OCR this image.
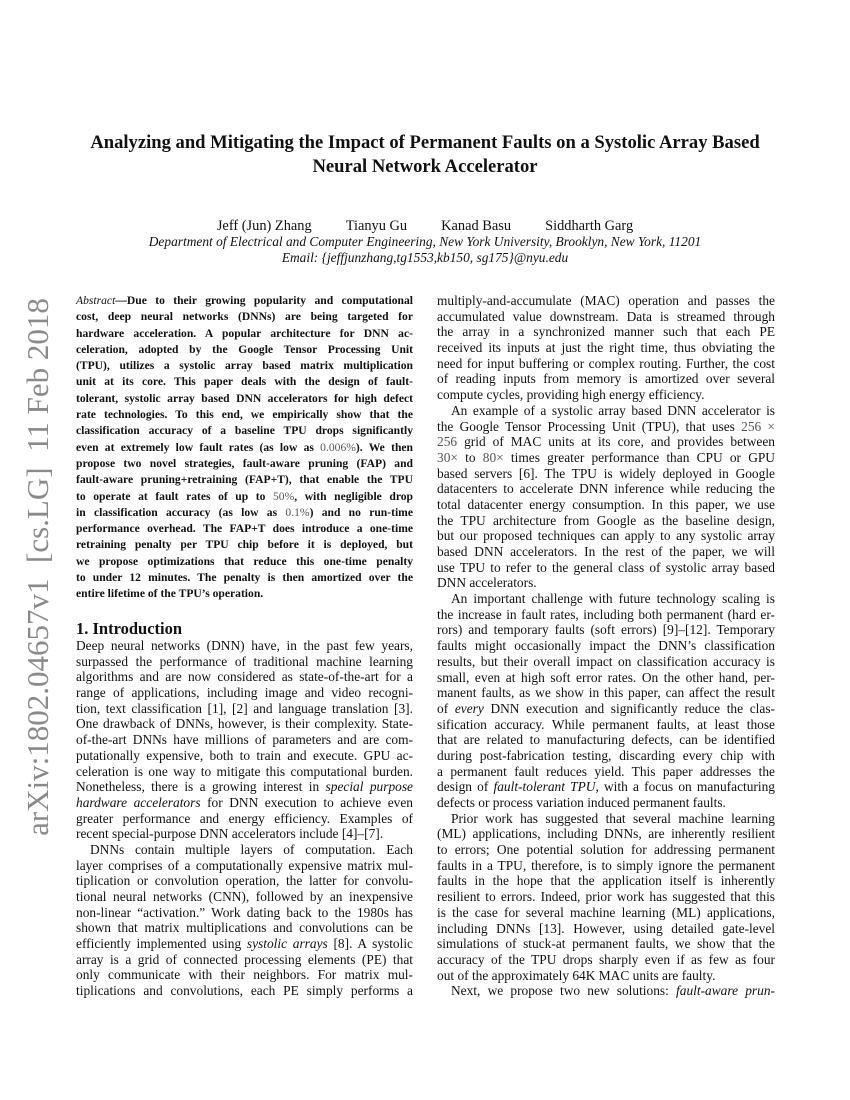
arXiv:1802.04657v1  [cs.LG]  11 Feb 2018
Analyzing and Mitigating the Impact of Permanent Faults on a Systolic Array Based
Neural Network Accelerator
Jeff (Jun) Zhang Tianyu Gu Kanad Basu Siddharth Garg
Department of Electrical and Computer Engineering, New York University, Brooklyn, New York, 11201
Email: {jeffjunzhang,tg1553,kb150, sg175}@nyu.edu
Abstract—Due to their growing popularity and computational
cost, deep neural networks (DNNs) are being targeted for
hardware acceleration. A popular architecture for DNN ac-
celeration, adopted by the Google Tensor Processing Unit
(TPU), utilizes a systolic array based matrix multiplication
unit at its core. This paper deals with the design of fault-
tolerant, systolic array based DNN accelerators for high defect
rate technologies. To this end, we empirically show that the
classification accuracy of a baseline TPU drops significantly
even at extremely low fault rates (as low as 0.006%). We then
propose two novel strategies, fault-aware pruning (FAP) and
fault-aware pruning+retraining (FAP+T), that enable the TPU
to operate at fault rates of up to 50%, with negligible drop
in classification accuracy (as low as 0.1%) and no run-time
performance overhead. The FAP+T does introduce a one-time
retraining penalty per TPU chip before it is deployed, but
we propose optimizations that reduce this one-time penalty
to under 12 minutes. The penalty is then amortized over the
entire lifetime of the TPU’s operation.
1. Introduction
Deep neural networks (DNN) have, in the past few years,
surpassed the performance of traditional machine learning
algorithms and are now considered as state-of-the-art for a
range of applications, including image and video recogni-
tion, text classification [1], [2] and language translation [3].
One drawback of DNNs, however, is their complexity. State-
of-the-art DNNs have millions of parameters and are com-
putationally expensive, both to train and execute. GPU ac-
celeration is one way to mitigate this computational burden.
Nonetheless, there is a growing interest in special purpose
hardware accelerators for DNN execution to achieve even
greater performance and energy efficiency. Examples of
recent special-purpose DNN accelerators include [4]–[7].
DNNs contain multiple layers of computation. Each
layer comprises of a computationally expensive matrix mul-
tiplication or convolution operation, the latter for convolu-
tional neural networks (CNN), followed by an inexpensive
non-linear “activation.” Work dating back to the 1980s has
shown that matrix multiplications and convolutions can be
efficiently implemented using systolic arrays [8]. A systolic
array is a grid of connected processing elements (PE) that
only communicate with their neighbors. For matrix mul-
tiplications and convolutions, each PE simply performs a
multiply-and-accumulate (MAC) operation and passes the
accumulated value downstream. Data is streamed through
the array in a synchronized manner such that each PE
received its inputs at just the right time, thus obviating the
need for input buffering or complex routing. Further, the cost
of reading inputs from memory is amortized over several
compute cycles, providing high energy efficiency.
An example of a systolic array based DNN accelerator is
the Google Tensor Processing Unit (TPU), that uses 256 ×
256 grid of MAC units at its core, and provides between
30× to 80× times greater performance than CPU or GPU
based servers [6]. The TPU is widely deployed in Google
datacenters to accelerate DNN inference while reducing the
total datacenter energy consumption. In this paper, we use
the TPU architecture from Google as the baseline design,
but our proposed techniques can apply to any systolic array
based DNN accelerators. In the rest of the paper, we will
use TPU to refer to the general class of systolic array based
DNN accelerators.
An important challenge with future technology scaling is
the increase in fault rates, including both permanent (hard er-
rors) and temporary faults (soft errors) [9]–[12]. Temporary
faults might occasionally impact the DNN’s classification
results, but their overall impact on classification accuracy is
small, even at high soft error rates. On the other hand, per-
manent faults, as we show in this paper, can affect the result
of every DNN execution and significantly reduce the clas-
sification accuracy. While permanent faults, at least those
that are related to manufacturing defects, can be identified
during post-fabrication testing, discarding every chip with
a permanent fault reduces yield. This paper addresses the
design of fault-tolerant TPU, with a focus on manufacturing
defects or process variation induced permanent faults.
Prior work has suggested that several machine learning
(ML) applications, including DNNs, are inherently resilient
to errors; One potential solution for addressing permanent
faults in a TPU, therefore, is to simply ignore the permanent
faults in the hope that the application itself is inherently
resilient to errors. Indeed, prior work has suggested that this
is the case for several machine learning (ML) applications,
including DNNs [13]. However, using detailed gate-level
simulations of stuck-at permanent faults, we show that the
accuracy of the TPU drops sharply even if as few as four
out of the approximately 64K MAC units are faulty.
Next, we propose two new solutions: fault-aware prun-
